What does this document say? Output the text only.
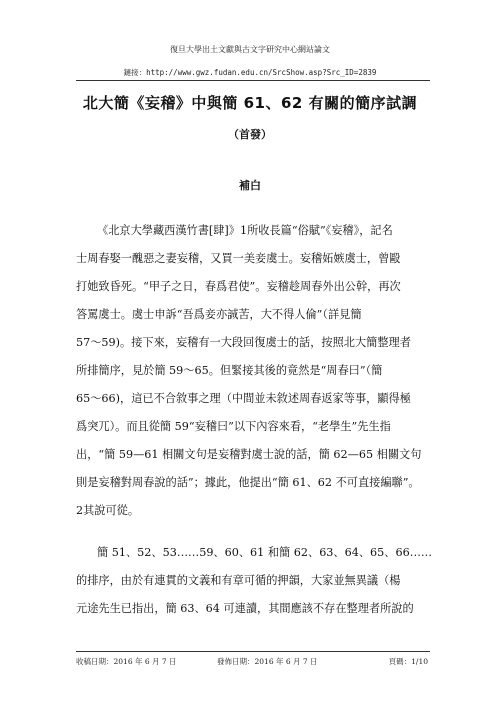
復旦大學出土文獻與古文字研究中心網站論文
鏈接：http://www.gwz.fudan.edu.cn/SrcShow.asp?Src_ID=2839
北大簡《妄稽》中與簡 61、62 有關的簡序試調
（首發）
補白
《北京大學藏西漢竹書[肆]》1所收長篇“俗賦”《妄稽》，記名
士周春娶一醜惡之妻妄稽，又買一美妾虞士。妄稽妬嫉虞士，曾毆
打她致昏死。“甲子之日，春爲君使”。妄稽趁周春外出公幹，再次
答罵虞士。虞士申訴“吾爲妾亦誠苦，大不得人倫”（詳見簡
57～59)。接下來，妄稽有一大段回復虞士的話，按照北大簡整理者
所排簡序，見於簡 59～65。但緊接其後的竟然是“周春曰”（簡
65～66)，這已不合敘事之理（中間並未敘述周春返家等事，顯得極
爲突兀）。而且從簡 59“妄稽曰”以下內容來看，“老學生”先生指
出，“簡 59—61 相關文句是妄稽對虞士說的話，簡 62—65 相關文句
則是妄稽對周春說的話”；據此，他提出“簡 61、62 不可直接編聯”。
2其說可從。
簡 51、52、53……59、60、61 和簡 62、63、64、65、66……
的排序，由於有連貫的文義和有章可循的押韻，大家並無異議（楊
元途先生已指出，簡 63、64 可連讀，其間應該不存在整理者所說的
收稿日期：2016 年 6 月 7 日	發佈日期：2016 年 6 月 7 日	頁碼：1/10
